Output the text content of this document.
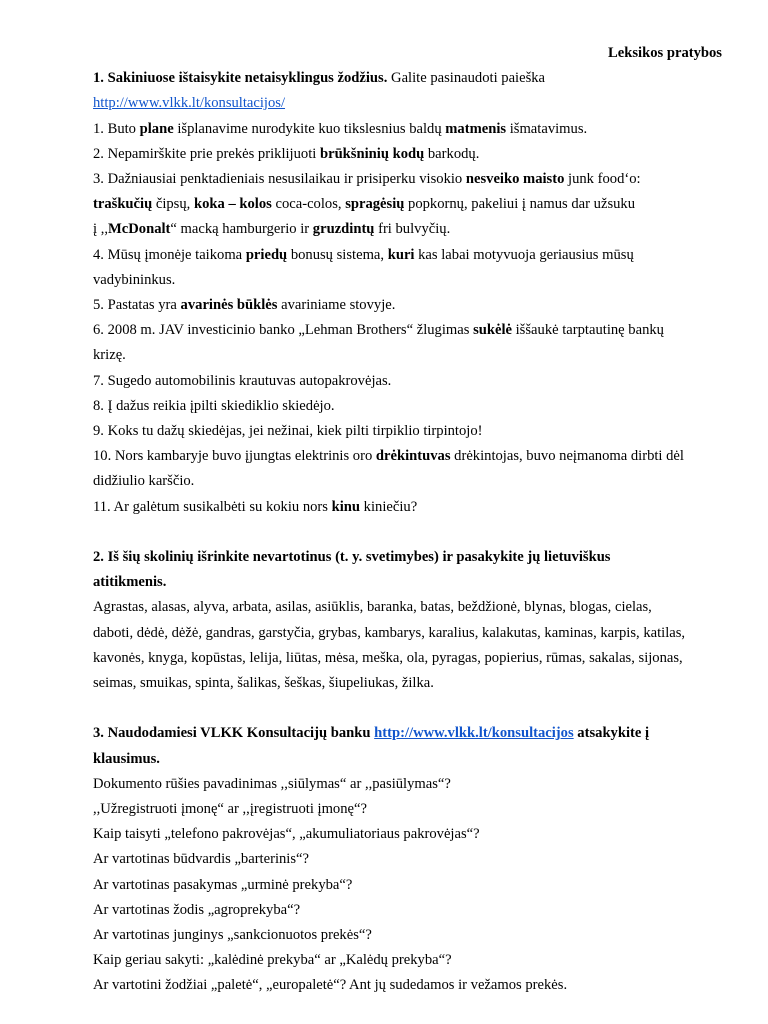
Leksikos pratybos

1. Sakiniuose ištaisykite netaisyklingus žodžius. Galite pasinaudoti paieška

http://www.vlkk.lt/konsultacijos/

1. Buto plane išplanavime nurodykite kuo tikslesnius baldų matmenis išmatavimus.

2. Nepamirškite prie prekės priklijuoti brūkšninių kodų barkodų.

3. Dažniausiai penktadieniais nesusilaikau ir prisiperku visokio nesveiko maisto junk food‘o:

traškučių čipsų, koka – kolos coca-colos, spragėsių popkornų, pakeliui į namus dar užsuku

į ,,McDonalt“ macką hamburgerio ir gruzdintų fri bulvyčių.

4. Mūsų įmonėje taikoma priedų bonusų sistema, kuri kas labai motyvuoja geriausius mūsų

vadybininkus.

5. Pastatas yra avarinės būklės avariniame stovyje.

6. 2008 m. JAV investicinio banko „Lehman Brothers“ žlugimas sukėlė iššaukė tarptautinę bankų

krizę.

7. Sugedo automobilinis krautuvas autopakrovėjas.

8. Į dažus reikia įpilti skiediklio skiedėjo.

9. Koks tu dažų skiedėjas, jei nežinai, kiek pilti tirpiklio tirpintojo!

10. Nors kambaryje buvo įjungtas elektrinis oro drėkintuvas drėkintojas, buvo neįmanoma dirbti dėl

didžiulio karščio.

11. Ar galėtum susikalbėti su kokiu nors kinu kiniečiu?

2. Iš šių skolinių išrinkite nevartotinus (t. y. svetimybes) ir pasakykite jų lietuviškus

atitikmenis.

Agrastas, alasas, alyva, arbata, asilas, asiūklis, baranka, batas, beždžionė, blynas, blogas, cielas,

daboti, dėdė, dėžė, gandras, garstyčia, grybas, kambarys, karalius, kalakutas, kaminas, karpis, katilas,

kavonės, knyga, kopūstas, lelija, liūtas, mėsa, meška, ola, pyragas, popierius, rūmas, sakalas, sijonas,

seimas, smuikas, spinta, šalikas, šeškas, šiupeliukas, žilka.

3. Naudodamiesi VLKK Konsultacijų banku http://www.vlkk.lt/konsultacijos atsakykite į

klausimus.

Dokumento rūšies pavadinimas ,,siūlymas“ ar ,,pasiūlymas“?

,,Užregistruoti įmonę“ ar ,,įregistruoti įmonę“?

Kaip taisyti „telefono pakrovėjas“, „akumuliatoriaus pakrovėjas“?

Ar vartotinas būdvardis „barterinis“?

Ar vartotinas pasakymas „urminė prekyba“?

Ar vartotinas žodis „agroprekyba“?

Ar vartotinas junginys „sankcionuotos prekės“?

Kaip geriau sakyti: „kalėdinė prekyba“ ar „Kalėdų prekyba“?

Ar vartotini žodžiai „paletė“, „europaletė“? Ant jų sudedamos ir vežamos prekės.
